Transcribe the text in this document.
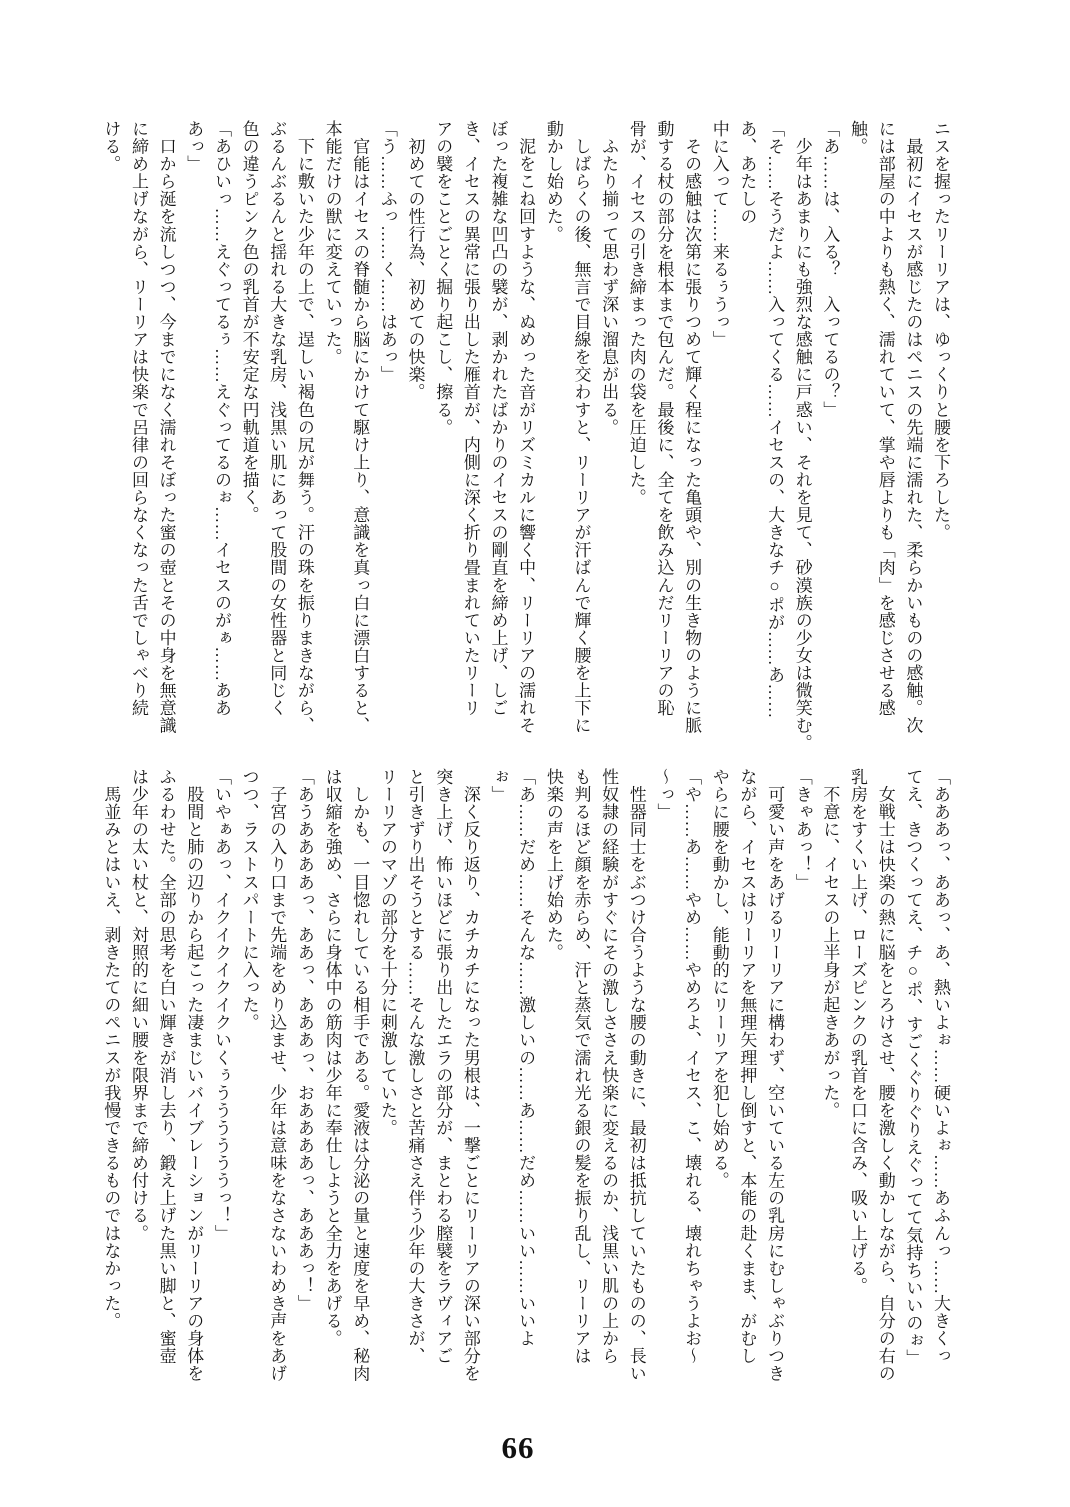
ニスを握ったリーリアは、ゆっくりと腰を下ろした。
　最初にイセスが感じたのはペニスの先端に濡れた、柔らかいものの感触。次
には部屋の中よりも熱く、濡れていて、掌や唇よりも「肉」を感じさせる感
触。
「あ……は、入る？　入ってるの？」
　少年はあまりにも強烈な感触に戸惑い、それを見て、砂漠族の少女は微笑む。
「そ……そうだよ……入ってくる……イセスの、大きなチ○ポが……あ……
あ、あたしの
中に入って……来るぅうっ」
　その感触は次第に張りつめて輝く程になった亀頭や、別の生き物のように脈
動する杖の部分を根本まで包んだ。最後に、全てを飲み込んだリーリアの恥
骨が、イセスの引き締まった肉の袋を圧迫した。
　ふたり揃って思わず深い溜息が出る。
　しばらくの後、無言で目線を交わすと、リーリアが汗ばんで輝く腰を上下に
動かし始めた。
　泥をこね回すような、ぬめった音がリズミカルに響く中、リーリアの濡れそ
ぼった複雑な凹凸の襞が、剥かれたばかりのイセスの剛直を締め上げ、しご
き、イセスの異常に張り出した雁首が、内側に深く折り畳まれていたリーリ
アの襞をことごとく掘り起こし、擦る。
　初めての性行為、初めての快楽。
「う……ふっ……く……はあっ」
　官能はイセスの脊髄から脳にかけて駆け上り、意識を真っ白に漂白すると、
本能だけの獣に変えていった。
　下に敷いた少年の上で、逞しい褐色の尻が舞う。汗の珠を振りまきながら、
ぶるんぶるんと揺れる大きな乳房、浅黒い肌にあって股間の女性器と同じく
色の違うピンク色の乳首が不安定な円軌道を描く。
「あひいっ……えぐってるぅ……えぐってるのぉ……イセスのがぁ……ああ
あっ」
　口から涎を流しつつ、今までになく濡れそぼった蜜の壺とその中身を無意識
に締め上げながら、リーリアは快楽で呂律の回らなくなった舌でしゃべり続
ける。
「あああっ、ああっ、あ、熱いよぉ……硬いよぉ……あふんっ……大きくっ
てえ、きつくってえ、チ○ポ、すごくぐりぐりえぐってて気持ちいいのぉ」
　女戦士は快楽の熱に脳をとろけさせ、腰を激しく動かしながら、自分の右の
乳房をすくい上げ、ローズピンクの乳首を口に含み、吸い上げる。
　不意に、イセスの上半身が起きあがった。
「きゃあっ！」
　可愛い声をあげるリーリアに構わず、空いている左の乳房にむしゃぶりつき
ながら、イセスはリーリアを無理矢理押し倒すと、本能の赴くまま、がむし
やらに腰を動かし、能動的にリーリアを犯し始める。
「や……あ……やめ……やめろよ、イセス、こ、壊れる、壊れちゃうよお～
～っ」
　性器同士をぶつけ合うような腰の動きに、最初は抵抗していたものの、長い
性奴隷の経験がすぐにその激しささえ快楽に変えるのか、浅黒い肌の上から
も判るほど顔を赤らめ、汗と蒸気で濡れ光る銀の髪を振り乱し、リーリアは
快楽の声を上げ始めた。
「あ……だめ……そんな……激しいの……あ……だめ……いい……いいよ
ぉ」
　深く反り返り、カチカチになった男根は、一撃ごとにリーリアの深い部分を
突き上げ、怖いほどに張り出したエラの部分が、まとわる膣襞をラヴィアご
と引きずり出そうとする……そんな激しさと苦痛さえ伴う少年の大きさが、
リーリアのマゾの部分を十分に刺激していた。
　しかも、一目惚れしている相手である。愛液は分泌の量と速度を早め、秘肉
は収縮を強め、さらに身体中の筋肉は少年に奉仕しようと全力をあげる。
「あうああああっ、ああっ、あああっ、おああああっ、あああっ！」
　子宮の入り口まで先端をめり込ませ、少年は意味をなさないわめき声をあげ
つつ、ラストスパートに入った。
「いやぁあっ、イクイクイクイクいくぅううううううっ！」
　股間と肺の辺りから起こった凄まじいバイブレーションがリーリアの身体を
ふるわせた。全部の思考を白い輝きが消し去り、鍛え上げた黒い脚と、蜜壺
は少年の太い杖と、対照的に細い腰を限界まで締め付ける。
　馬並みとはいえ、剥きたてのペニスが我慢できるものではなかった。
66
